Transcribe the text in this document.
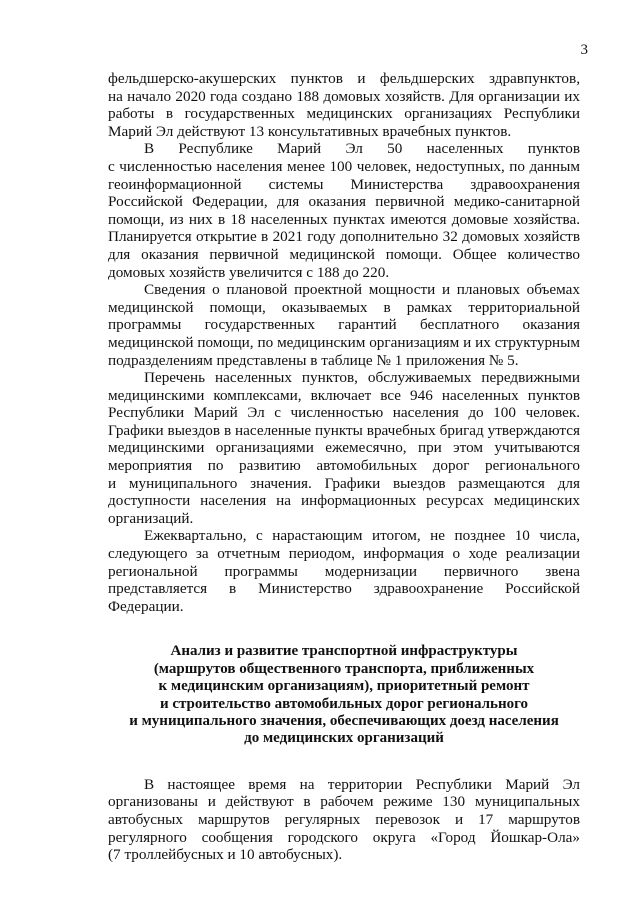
3
фельдшерско-акушерских пунктов и фельдшерских здравпунктов,
на начало 2020 года создано 188 домовых хозяйств. Для организации их
работы в государственных медицинских организациях Республики
Марий Эл действуют 13 консультативных врачебных пунктов.
В Республике Марий Эл 50 населенных пунктов
с численностью населения менее 100 человек, недоступных, по данным
геоинформационной системы Министерства здравоохранения
Российской Федерации, для оказания первичной медико-санитарной
помощи, из них в 18 населенных пунктах имеются домовые хозяйства.
Планируется открытие в 2021 году дополнительно 32 домовых хозяйств
для оказания первичной медицинской помощи. Общее количество
домовых хозяйств увеличится с 188 до 220.
Сведения о плановой проектной мощности и плановых объемах
медицинской помощи, оказываемых в рамках территориальной
программы государственных гарантий бесплатного оказания
медицинской помощи, по медицинским организациям и их структурным
подразделениям представлены в таблице № 1 приложения № 5.
Перечень населенных пунктов, обслуживаемых передвижными
медицинскими комплексами, включает все 946 населенных пунктов
Республики Марий Эл с численностью населения до 100 человек.
Графики выездов в населенные пункты врачебных бригад утверждаются
медицинскими организациями ежемесячно, при этом учитываются
мероприятия по развитию автомобильных дорог регионального
и муниципального значения. Графики выездов размещаются для
доступности населения на информационных ресурсах медицинских
организаций.
Ежеквартально, с нарастающим итогом, не позднее 10 числа,
следующего за отчетным периодом, информация о ходе реализации
региональной программы модернизации первичного звена
представляется в Министерство здравоохранение Российской
Федерации.
Анализ и развитие транспортной инфраструктуры
(маршрутов общественного транспорта, приближенных
к медицинским организациям), приоритетный ремонт
и строительство автомобильных дорог регионального
и муниципального значения, обеспечивающих доезд населения
до медицинских организаций
В настоящее время на территории Республики Марий Эл
организованы и действуют в рабочем режиме 130 муниципальных
автобусных маршрутов регулярных перевозок и 17 маршрутов
регулярного сообщения городского округа «Город Йошкар-Ола»
(7 троллейбусных и 10 автобусных).
